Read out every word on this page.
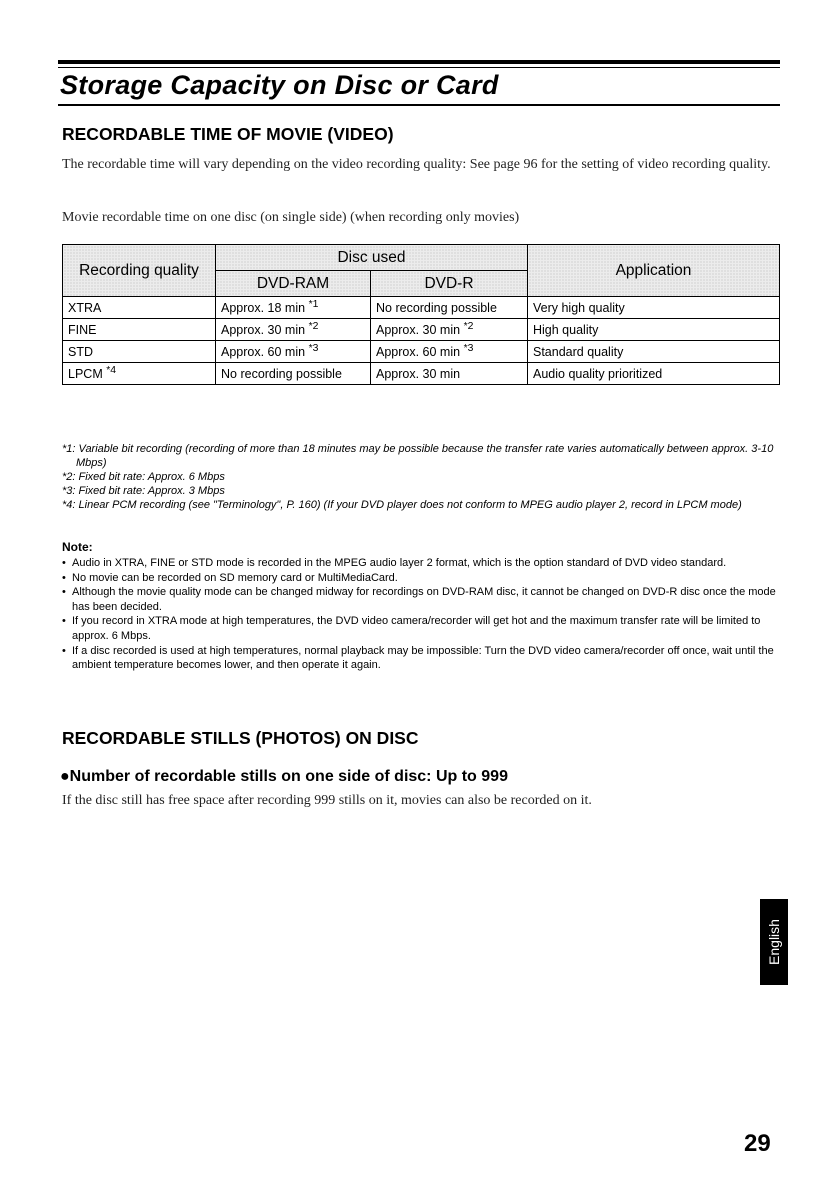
Storage Capacity on Disc or Card
RECORDABLE TIME OF MOVIE (VIDEO)

The recordable time will vary depending on the video recording quality: See page 96 for the setting of video recording quality.

Movie recordable time on one disc (on single side) (when recording only movies)

Recording quality	Disc used		Application
	DVD-RAM	DVD-R	
XTRA	Approx. 18 min $^{*1}$	No recording possible	Very high quality
FINE	Approx. 30 min $^{*2}$	Approx. 30 min $^{*2}$	High quality
STD	Approx. 60 min $^{*3}$	Approx. 60 min $^{*3}$	Standard quality
LPCM $^{*4}$	No recording possible	Approx. 30 min	Audio quality prioritized
*1: Variable bit recording (recording of more than 18 minutes may be possible because the transfer rate varies automatically between approx. 3-10 Mbps)
*2: Fixed bit rate: Approx. 6 Mbps
*3: Fixed bit rate: Approx. 3 Mbps
*4: Linear PCM recording (see "Terminology", P. 160) (If your DVD player does not conform to MPEG audio player 2, record in LPCM mode)
Note:
• Audio in XTRA, FINE or STD mode is recorded in the MPEG audio layer 2 format, which is the option standard of DVD video standard.
• No movie can be recorded on SD memory card or MultiMediaCard.
• Although the movie quality mode can be changed midway for recordings on DVD-RAM disc, it cannot be changed on DVD-R disc once the mode has been decided.
• If you record in XTRA mode at high temperatures, the DVD video camera/recorder will get hot and the maximum transfer rate will be limited to approx. 6 Mbps.
• If a disc recorded is used at high temperatures, normal playback may be impossible: Turn the DVD video camera/recorder off once, wait until the ambient temperature becomes lower, and then operate it again.
RECORDABLE STILLS (PHOTOS) ON DISC
●Number of recordable stills on one side of disc: Up to 999

If the disc still has free space after recording 999 stills on it, movies can also be recorded on it.

English
29
